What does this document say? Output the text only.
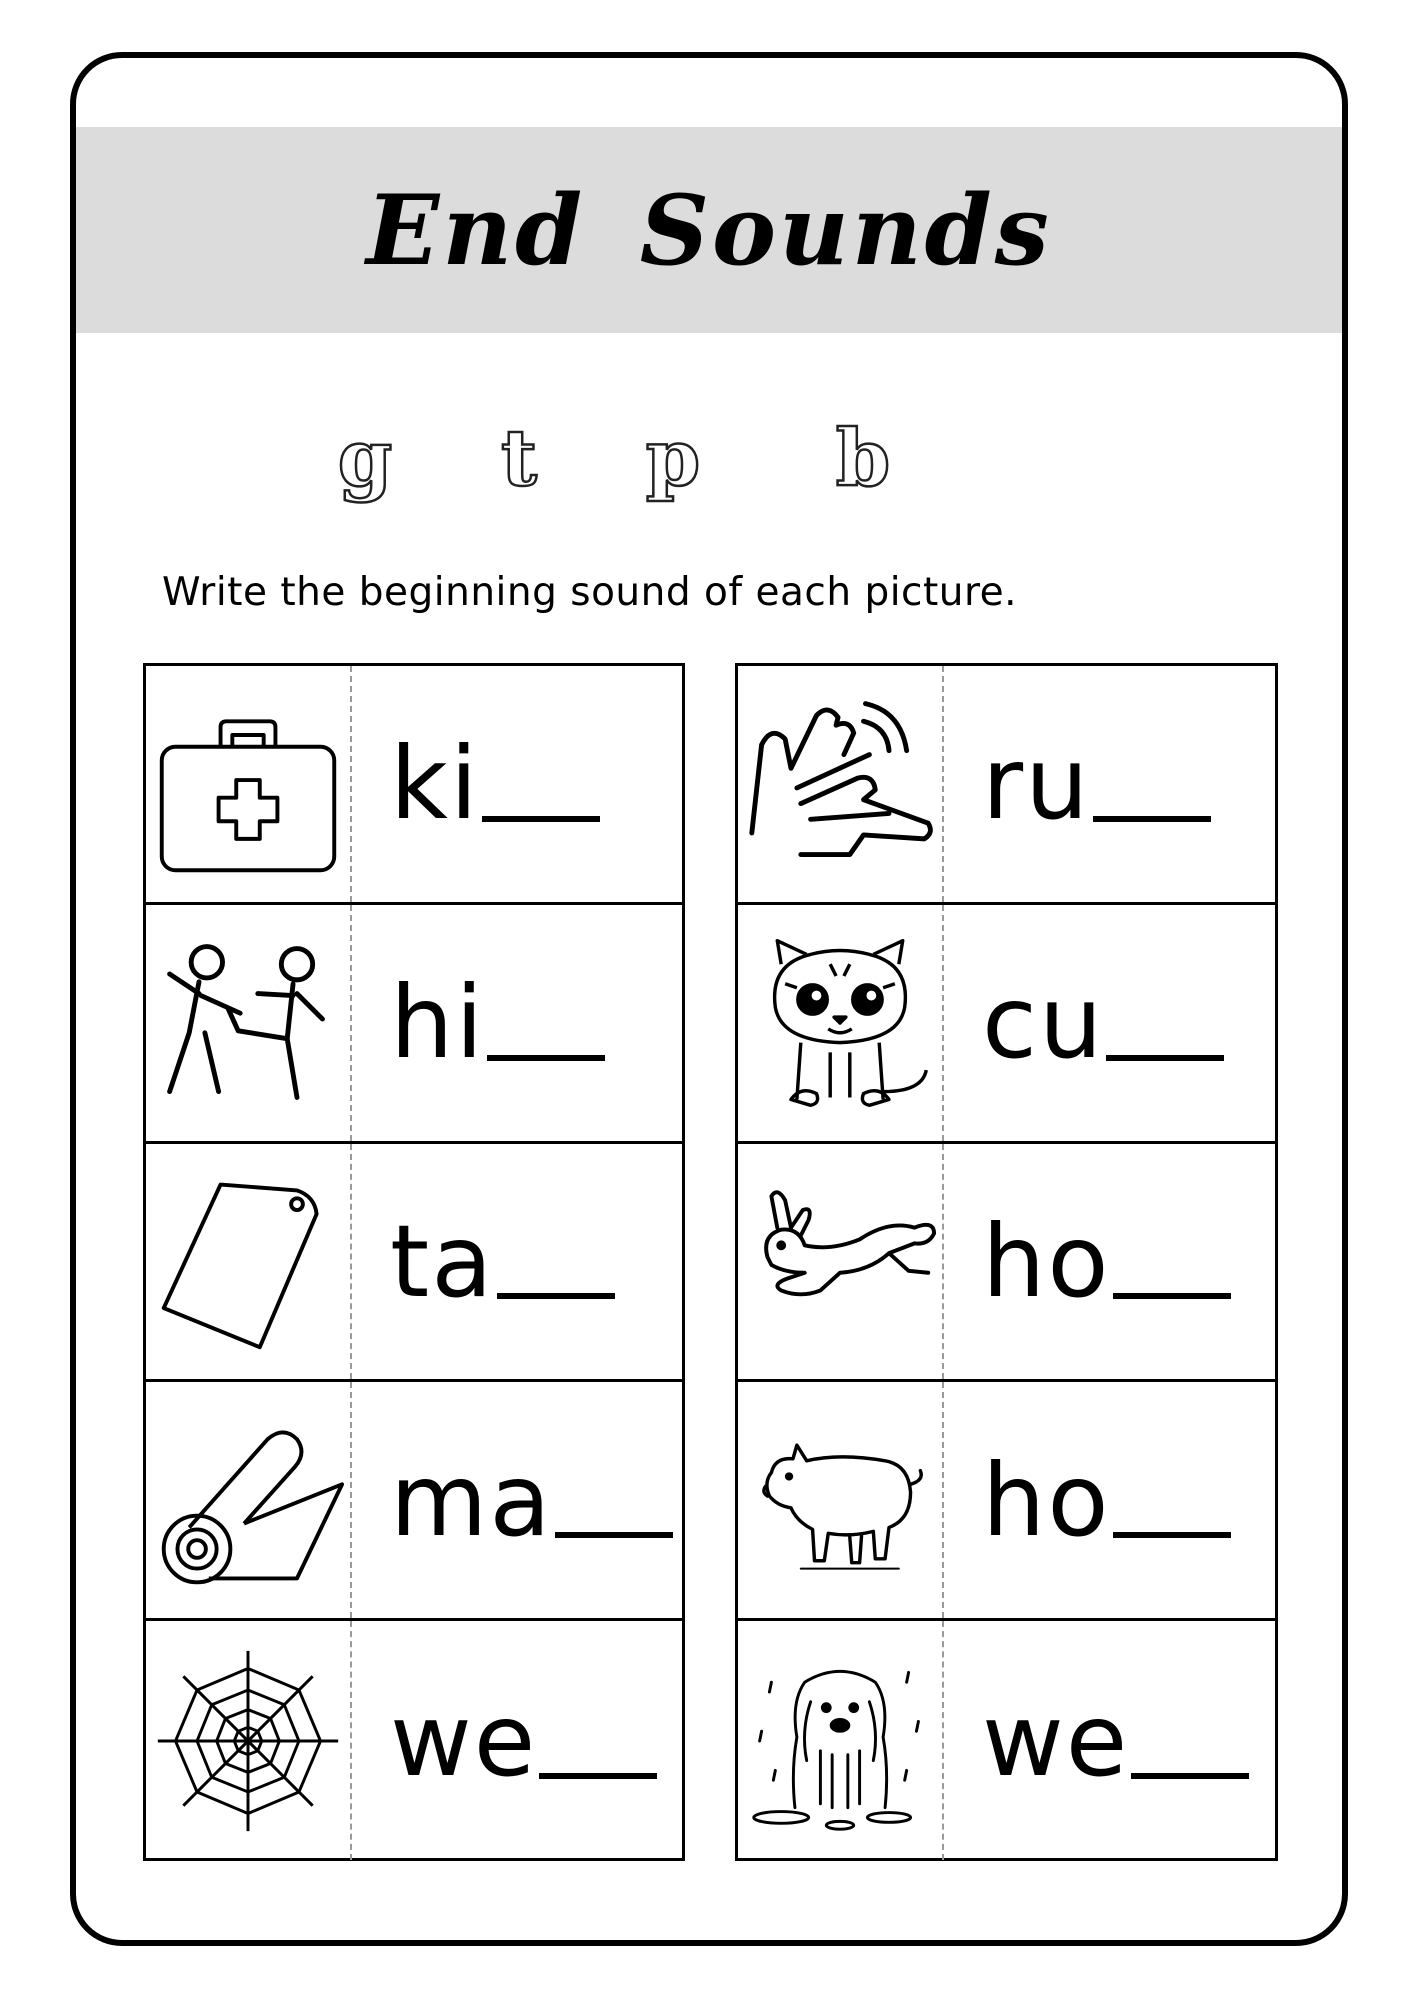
End Sounds
g	t	p	b

Write the beginning sound of each picture.

ki
hi
ta
ma
we
ru
cu
ho
ho
we
